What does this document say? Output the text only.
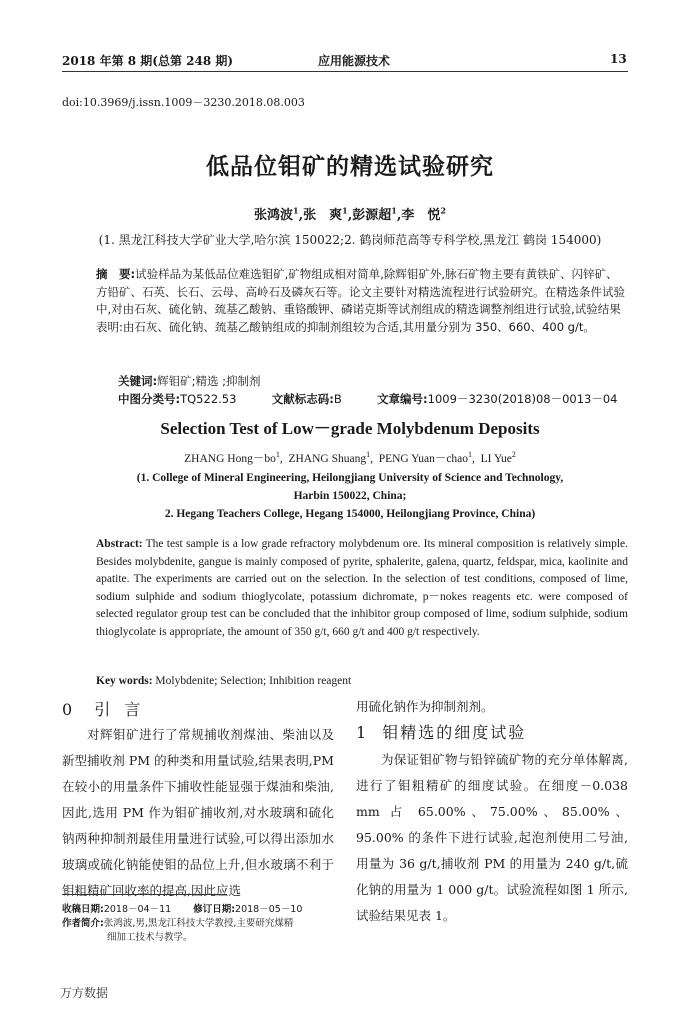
2018 年第 8 期(总第 248 期)	应用能源技术	13
doi:10.3969/j.issn.1009－3230.2018.08.003
低品位钼矿的精选试验研究
张鸿波$^1$,张　爽$^1$,彭源超$^1$,李　悦$^2$
(1. 黑龙江科技大学矿业大学,哈尔滨 150022;2. 鹤岗师范高等专科学校,黑龙江 鹤岗 154000)
摘　要:试验样品为某低品位难选钼矿,矿物组成相对简单,除辉钼矿外,脉石矿物主要有黄铁矿、闪锌矿、方铅矿、石英、长石、云母、高岭石及磷灰石等。论文主要针对精选流程进行试验研究。在精选条件试验中,对由石灰、硫化钠、巯基乙酸钠、重铬酸钾、磷诺克斯等试剂组成的精选调整剂组进行试验,试验结果表明:由石灰、硫化钠、巯基乙酸钠组成的抑制剂组较为合适,其用量分别为 350、660、400 g/t。
关键词:辉钼矿;精选 ;抑制剂
中图分类号:TQ522.53	文献标志码:B	文章编号:1009－3230(2018)08－0013－04
Selection Test of Low－grade Molybdenum Deposits
ZHANG $Hong-bo^1$,  ZHANG Shuang$^1$,  PENG Yuan－chao$^1$,  LI Yue$^2$
(1. College of Mineral Engineering, Heilongjiang University of Science and Technology,
Harbin 150022, China;
2. Hegang Teachers College, Hegang 154000, Heilongjiang Province, China)
Abstract: The test sample is a low grade refractory molybdenum ore. Its mineral composition is relatively simple. Besides molybdenite, gangue is mainly composed of pyrite, sphalerite, galena, quartz, feldspar, mica, kaolinite and apatite. The experiments are carried out on the selection. In the selection of test conditions, composed of lime, sodium sulphide and sodium thioglycolate, potassium dichromate, p－nokes reagents etc. were composed of selected regulator group test can be concluded that the inhibitor group composed of lime, sodium sulphide, sodium thioglycolate is appropriate, the amount of 350 g/t, 660 g/t and 400 g/t respectively.
Key words: Molybdenite; Selection; Inhibition reagent
0 引言

对辉钼矿进行了常规捕收剂煤油、柴油以及新型捕收剂 PM 的种类和用量试验,结果表明,PM 在较小的用量条件下捕收性能显强于煤油和柴油,因此,选用 PM 作为钼矿捕收剂,对水玻璃和硫化钠两种抑制剂最佳用量进行试验,可以得出添加水玻璃或硫化钠能使钼的品位上升,但水玻璃不利于钼粗精矿回收率的提高,因此应选

用硫化钠作为抑制剂剂。
1 钼精选的细度试验

为保证钼矿物与铅锌硫矿物的充分单体解离,进行了钼粗精矿的细度试验。在细度－0.038 mm 占 65.00%、75.00%、85.00%、95.00% 的条件下进行试验,起泡剂使用二号油,用量为 36 g/t,捕收剂 PM 的用量为 240 g/t,硫化钠的用量为 1 000 g/t。试验流程如图 1 所示,试验结果见表 1。

收稿日期:2018－04－11 修订日期:2018－05－10
作者简介:张鸿波,男,黑龙江科技大学教授,主要研究煤精
细加工技术与教学。
万方数据
